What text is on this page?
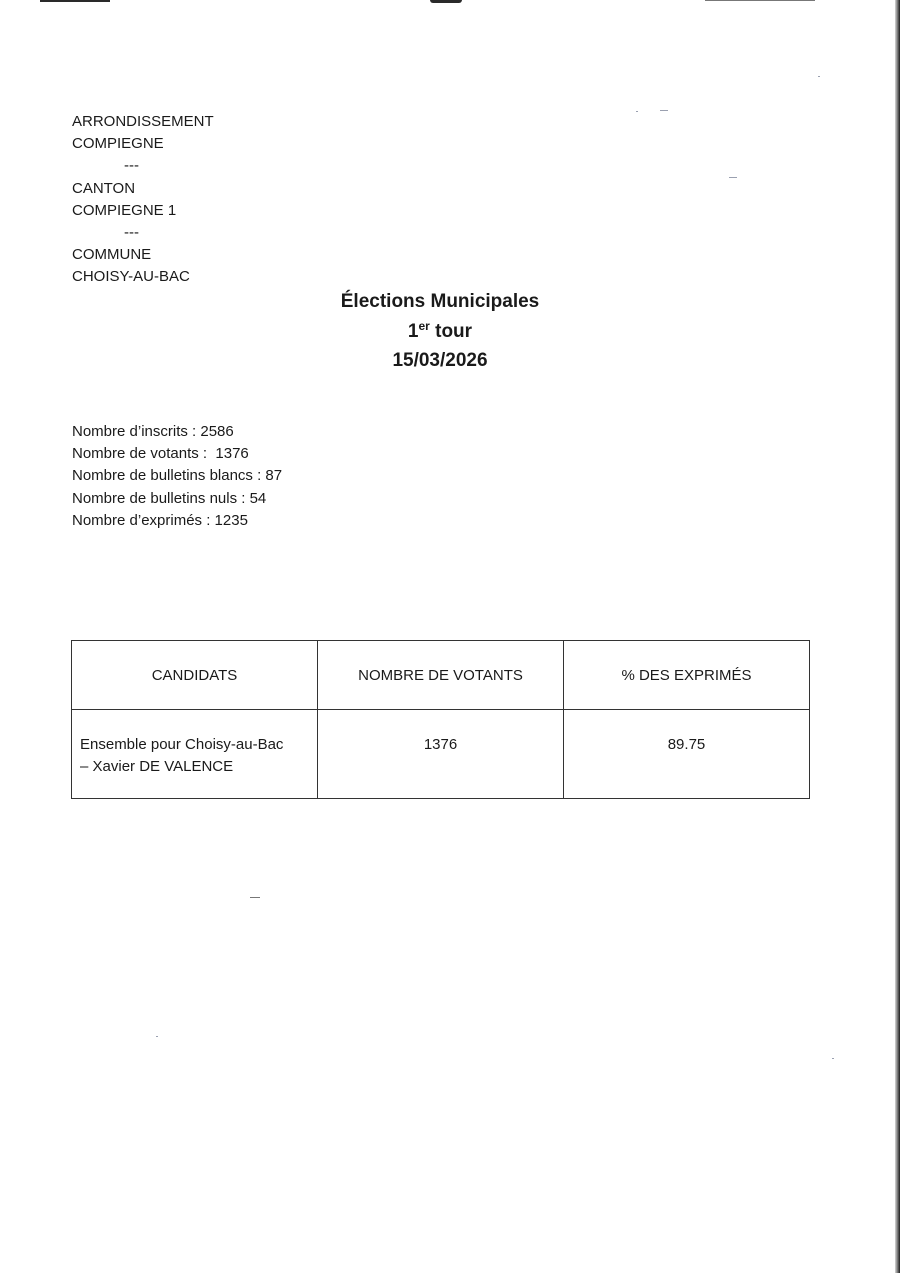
ARRONDISSEMENT
COMPIEGNE
---
CANTON
COMPIEGNE 1
---
COMMUNE
CHOISY-AU-BAC
Élections Municipales
1er tour
15/03/2026
Nombre d’inscrits : 2586
Nombre de votants :  1376
Nombre de bulletins blancs : 87
Nombre de bulletins nuls : 54
Nombre d’exprimés : 1235
CANDIDATS	NOMBRE DE VOTANTS	% DES EXPRIMÉS

Ensemble pour Choisy-au-Bac
– Xavier DE VALENCE	1376	89.75
